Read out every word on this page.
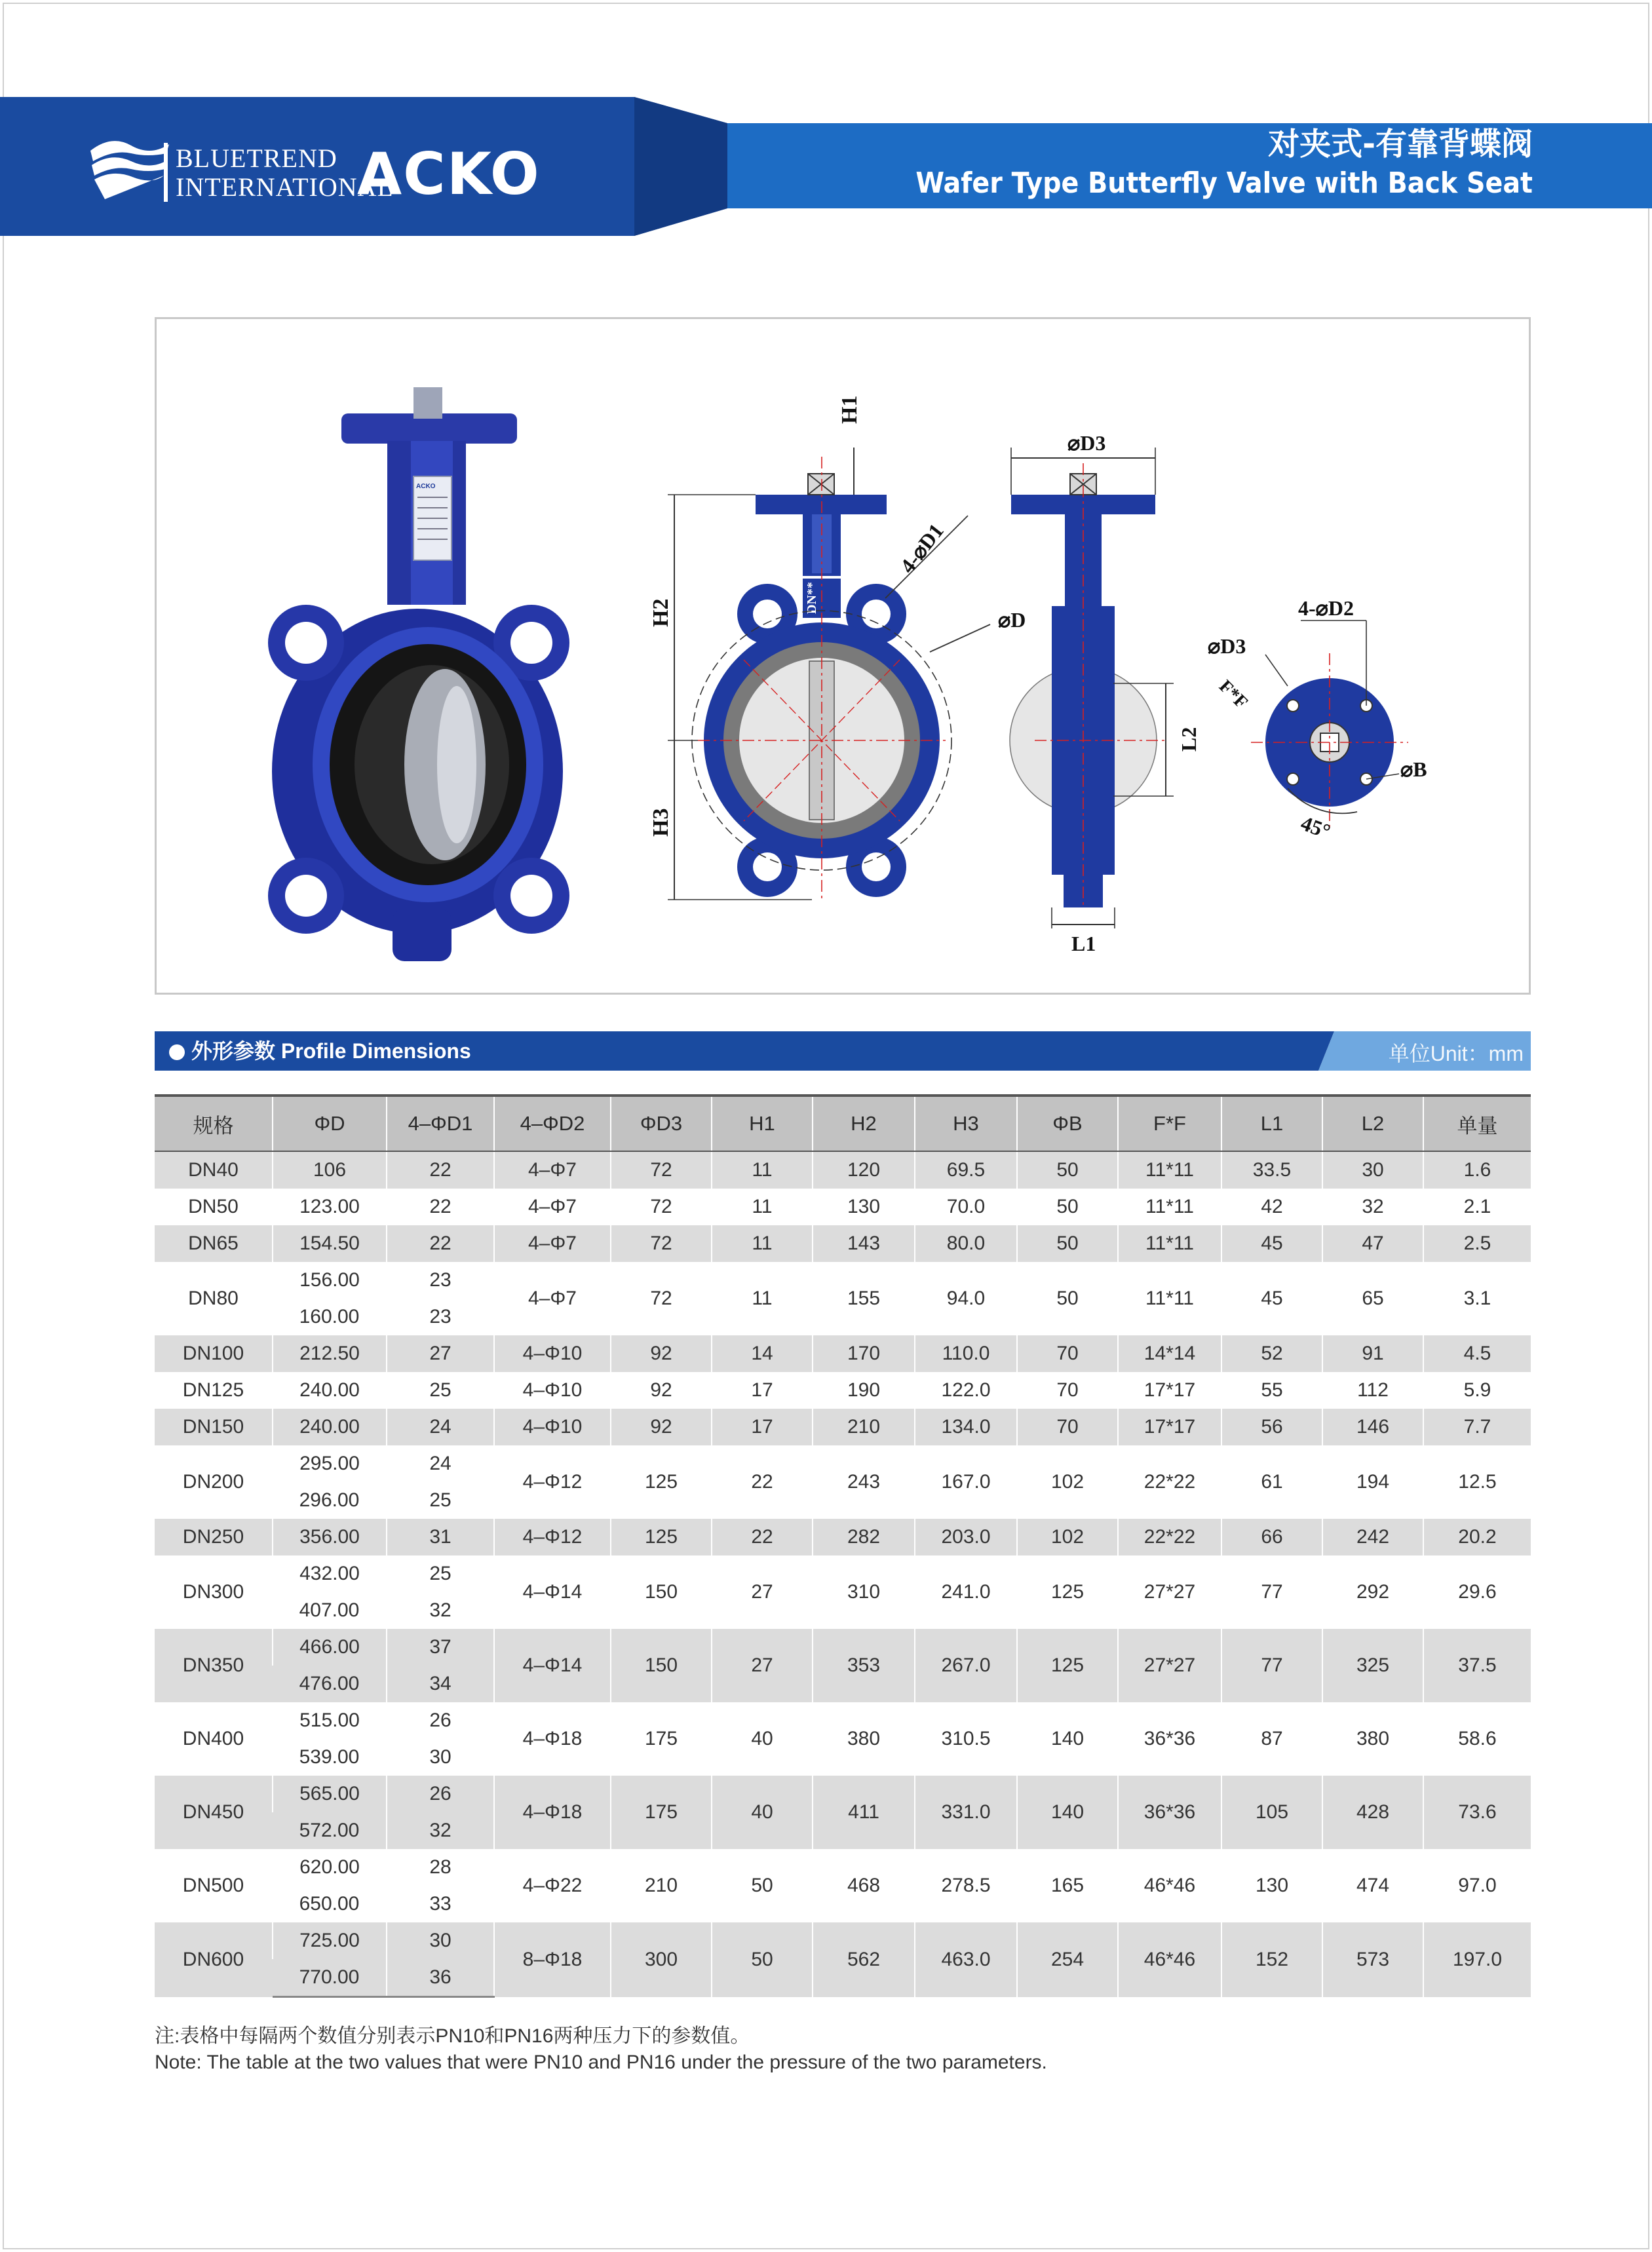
BLUETREND
INTERNATIONAL
ACKO	对夹式-有靠背蝶阀
Wafer Type Butterfly Valve with Back Seat
ACKO
DN**
H2
H3
H1
4-⌀D1
⌀D
⌀D3
L1
L2
4-⌀D2
⌀D3
F*F
⌀B
45°
外形参数 Profile Dimensions	单位Unit：mm
规格	ΦD	4–ΦD1	4–ΦD2	ΦD3	H1	H2	H3	ΦB	F*F	L1	L2	单量
DN40	106	22	4–Φ7	72	11	120	69.5	50	11*11	33.5	30	1.6
DN50	123.00	22	4–Φ7	72	11	130	70.0	50	11*11	42	32	2.1
DN65	154.50	22	4–Φ7	72	11	143	80.0	50	11*11	45	47	2.5
DN80	156.00	23	4–Φ7	72	11	155	94.0	50	11*11	45	65	3.1
	160.00	23										
DN100	212.50	27	4–Φ10	92	14	170	110.0	70	14*14	52	91	4.5
DN125	240.00	25	4–Φ10	92	17	190	122.0	70	17*17	55	112	5.9
DN150	240.00	24	4–Φ10	92	17	210	134.0	70	17*17	56	146	7.7
DN200	295.00	24	4–Φ12	125	22	243	167.0	102	22*22	61	194	12.5
	296.00	25										
DN250	356.00	31	4–Φ12	125	22	282	203.0	102	22*22	66	242	20.2
DN300	432.00	25	4–Φ14	150	27	310	241.0	125	27*27	77	292	29.6
	407.00	32										
DN350	466.00	37	4–Φ14	150	27	353	267.0	125	27*27	77	325	37.5
	476.00	34										
DN400	515.00	26	4–Φ18	175	40	380	310.5	140	36*36	87	380	58.6
	539.00	30										
DN450	565.00	26	4–Φ18	175	40	411	331.0	140	36*36	105	428	73.6
	572.00	32										
DN500	620.00	28	4–Φ22	210	50	468	278.5	165	46*46	130	474	97.0
	650.00	33										
DN600	725.00	30	8–Φ18	300	50	562	463.0	254	46*46	152	573	197.0
	770.00	36										
注:表格中每隔两个数值分别表示PN10和PN16两种压力下的参数值。
Note: The table at the two values that were PN10 and PN16 under the pressure of the two parameters.
